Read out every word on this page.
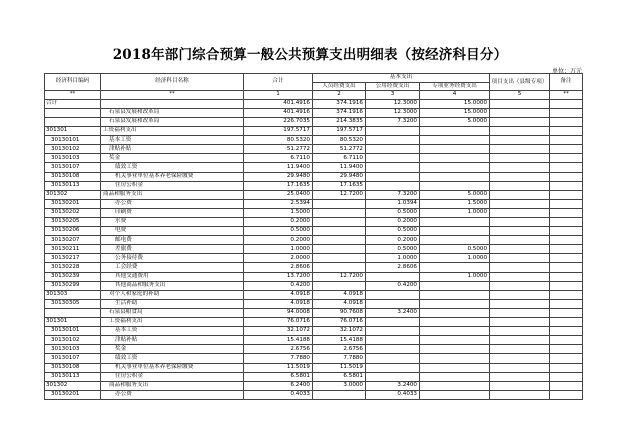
2018年部门综合预算一般公共预算支出明细表（按经济科目分）
单位：万元
经济科目编码	经济科目名称	合计	基本支出			项目支出（县级专项）	备注
			人员经费支出	公用经费支出	专项业务经费支出		
**	**	1	2	3	4	5	**
合计		401.4916	374.1916	12.3000	15.0000		
	石泉县发展和改革局	401.4916	374.1916	12.3000	15.0000		
	石泉县发展和改革局	226.7035	214.3835	7.3200	5.0000		
301301	工资福利支出	197.5717	197.5717				
30130101	基本工资	80.5320	80.5320				
30130102	津贴补贴	51.2772	51.2772				
30130103	奖金	6.7110	6.7110				
30130107	绩效工资	11.9400	11.9400				
30130108	机关事业单位基本养老保险缴费	29.9480	29.9480				
30130113	住房公积金	17.1635	17.1635				
301302	商品和服务支出	25.0400	12.7200	7.3200	5.0000		
30130201	办公费	2.5394		1.0394	1.5000		
30130202	印刷费	1.5000		0.5000	1.0000		
30130205	水费	0.2000		0.2000			
30130206	电费	0.5000		0.5000			
30130207	邮电费	0.2000		0.2000			
30130211	差旅费	1.0000		0.5000	0.5000		
30130217	公务接待费	2.0000		1.0000	1.0000		
30130228	工会经费	2.8606		2.8606			
30130239	其他交通费用	13.7200	12.7200		1.0000		
30130299	其他商品和服务支出	0.4200		0.4200			
301303	对个人和家庭的补助	4.0918	4.0918				
30130305	生活补助	4.0918	4.0918				
	石泉县粮食局	94.0008	90.7608	3.2400			
301301	工资福利支出	76.0716	76.0716				
30130101	基本工资	32.1072	32.1072				
30130102	津贴补贴	15.4188	15.4188				
30130103	奖金	2.6756	2.6756				
30130107	绩效工资	7.7880	7.7880				
30130108	机关事业单位基本养老保险缴费	11.5019	11.5019				
30130113	住房公积金	6.5801	6.5801				
301302	商品和服务支出	6.2400	3.0000	3.2400			
30130201	办公费	0.4033		0.4033			
